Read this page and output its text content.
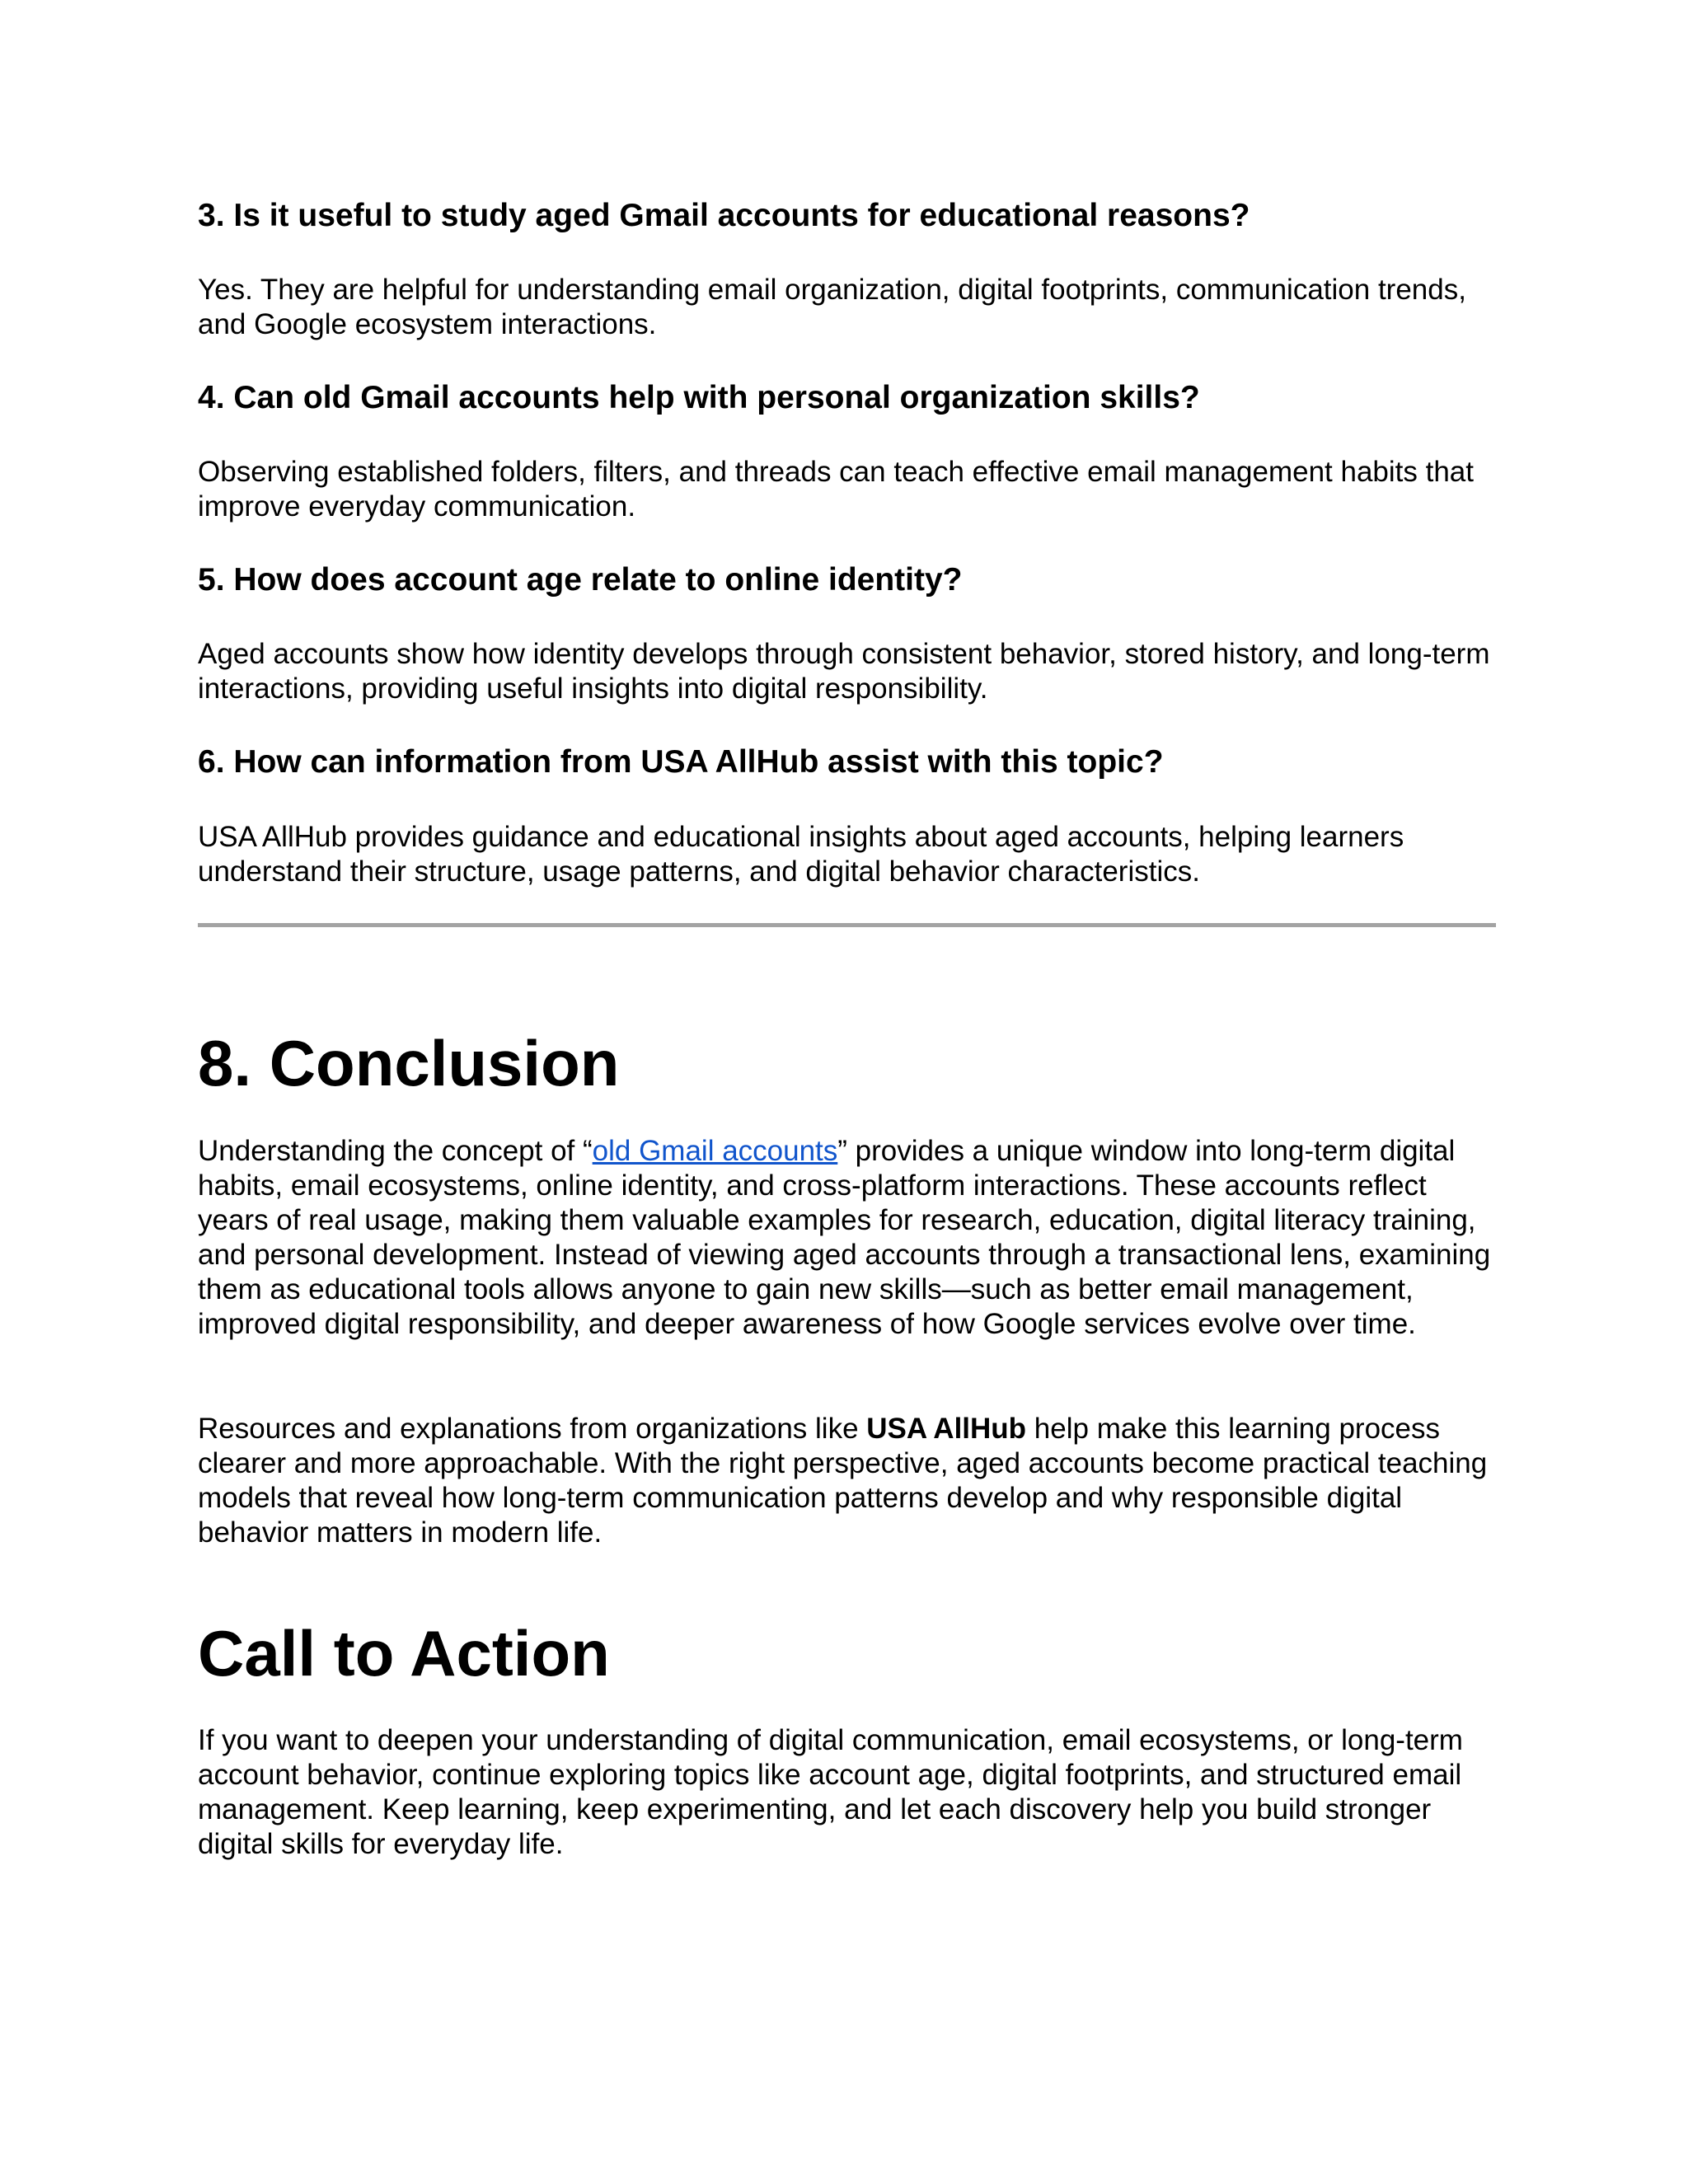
3. Is it useful to study aged Gmail accounts for educational reasons?

Yes. They are helpful for understanding email organization, digital footprints, communication trends, and Google ecosystem interactions.

4. Can old Gmail accounts help with personal organization skills?

Observing established folders, filters, and threads can teach effective email management habits that improve everyday communication.

5. How does account age relate to online identity?

Aged accounts show how identity develops through consistent behavior, stored history, and long-term interactions, providing useful insights into digital responsibility.

6. How can information from USA AllHub assist with this topic?

USA AllHub provides guidance and educational insights about aged accounts, helping learners understand their structure, usage patterns, and digital behavior characteristics.

8. Conclusion

Understanding the concept of “old Gmail accounts” provides a unique window into long-term digital habits, email ecosystems, online identity, and cross-platform interactions. These accounts reflect years of real usage, making them valuable examples for research, education, digital literacy training, and personal development. Instead of viewing aged accounts through a transactional lens, examining them as educational tools allows anyone to gain new skills—such as better email management, improved digital responsibility, and deeper awareness of how Google services evolve over time.

Resources and explanations from organizations like USA AllHub help make this learning process clearer and more approachable. With the right perspective, aged accounts become practical teaching models that reveal how long-term communication patterns develop and why responsible digital behavior matters in modern life.

Call to Action

If you want to deepen your understanding of digital communication, email ecosystems, or long-term account behavior, continue exploring topics like account age, digital footprints, and structured email management. Keep learning, keep experimenting, and let each discovery help you build stronger digital skills for everyday life.
